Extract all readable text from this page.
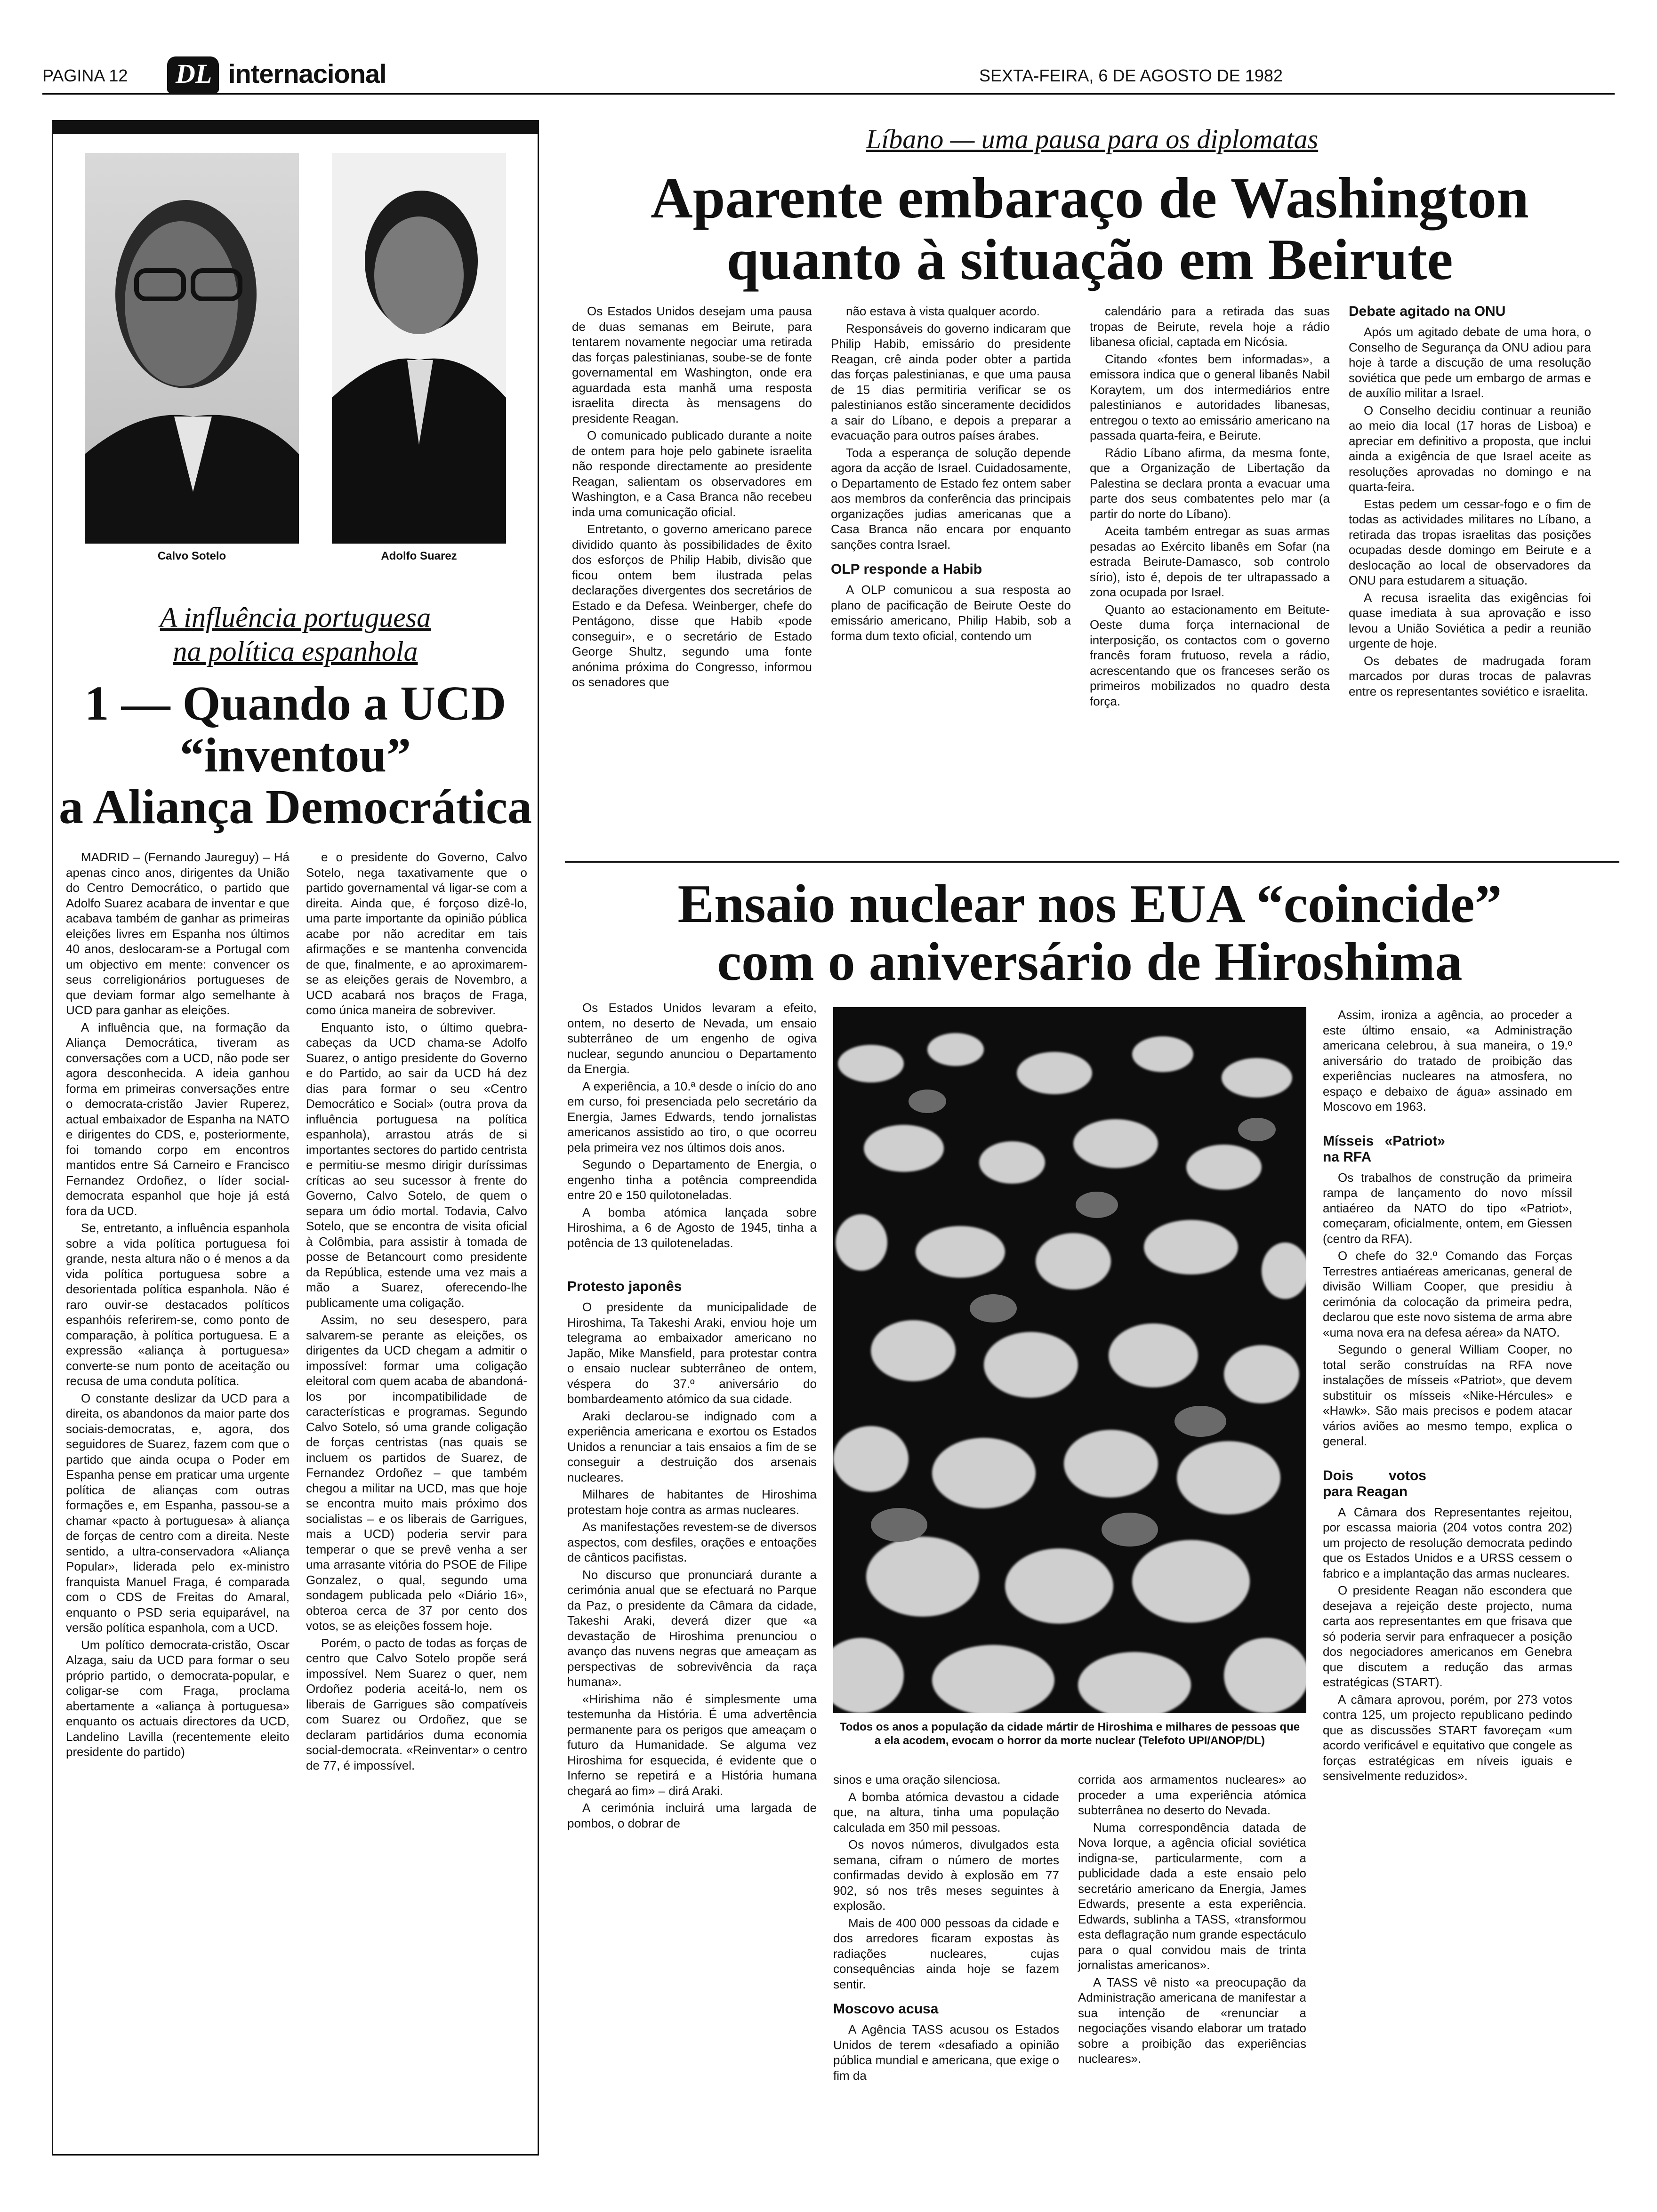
PAGINA 12 DL internacional	SEXTA-FEIRA, 6 DE AGOSTO DE 1982
Calvo Sotelo	Adolfo Suarez
A influência portuguesa
na política espanhola
1 — Quando a UCD
“inventou”
a Aliança Democrática

MADRID – (Fernando Jaureguy) – Há apenas cinco anos, dirigentes da União do Centro Democrático, o partido que Adolfo Suarez acabara de inventar e que acabava também de ganhar as primeiras eleições livres em Espanha nos últimos 40 anos, deslocaram-se a Portugal com um objectivo em mente: convencer os seus correligionários portugueses de que deviam formar algo semelhante à UCD para ganhar as eleições.

A influência que, na formação da Aliança Democrática, tiveram as conversações com a UCD, não pode ser agora desconhecida. A ideia ganhou forma em primeiras conversações entre o democrata-cristão Javier Ruperez, actual embaixador de Espanha na NATO e dirigentes do CDS, e, posteriormente, foi tomando corpo em encontros mantidos entre Sá Carneiro e Francisco Fernandez Ordoñez, o líder social-democrata espanhol que hoje já está fora da UCD.

Se, entretanto, a influência espanhola sobre a vida política portuguesa foi grande, nesta altura não o é menos a da vida política portuguesa sobre a desorientada política espanhola. Não é raro ouvir-se destacados políticos espanhóis referirem-se, como ponto de comparação, à política portuguesa. E a expressão «aliança à portuguesa» converte-se num ponto de aceitação ou recusa de uma conduta política.

O constante deslizar da UCD para a direita, os abandonos da maior parte dos sociais-democratas, e, agora, dos seguidores de Suarez, fazem com que o partido que ainda ocupa o Poder em Espanha pense em praticar uma urgente política de alianças com outras formações e, em Espanha, passou-se a chamar «pacto à portuguesa» à aliança de forças de centro com a direita. Neste sentido, a ultra-conservadora «Aliança Popular», liderada pelo ex-ministro franquista Manuel Fraga, é comparada com o CDS de Freitas do Amaral, enquanto o PSD seria equiparável, na versão política espanhola, com a UCD.

Um político democrata-cristão, Oscar Alzaga, saiu da UCD para formar o seu próprio partido, o democrata-popular, e coligar-se com Fraga, proclama abertamente a «aliança à portuguesa» enquanto os actuais directores da UCD, Landelino Lavilla (recentemente eleito presidente do partido)

e o presidente do Governo, Calvo Sotelo, nega taxativamente que o partido governamental vá ligar-se com a direita. Ainda que, é forçoso dizê-lo, uma parte importante da opinião pública acabe por não acreditar em tais afirmações e se mantenha convencida de que, finalmente, e ao aproximarem-se as eleições gerais de Novembro, a UCD acabará nos braços de Fraga, como única maneira de sobreviver.

Enquanto isto, o último quebra-cabeças da UCD chama-se Adolfo Suarez, o antigo presidente do Governo e do Partido, ao sair da UCD há dez dias para formar o seu «Centro Democrático e Social» (outra prova da influência portuguesa na política espanhola), arrastou atrás de si importantes sectores do partido centrista e permitiu-se mesmo dirigir duríssimas críticas ao seu sucessor à frente do Governo, Calvo Sotelo, de quem o separa um ódio mortal. Todavia, Calvo Sotelo, que se encontra de visita oficial à Colômbia, para assistir à tomada de posse de Betancourt como presidente da República, estende uma vez mais a mão a Suarez, oferecendo-lhe publicamente uma coligação.

Assim, no seu desespero, para salvarem-se perante as eleições, os dirigentes da UCD chegam a admitir o impossível: formar uma coligação eleitoral com quem acaba de abandoná-los por incompatibilidade de características e programas. Segundo Calvo Sotelo, só uma grande coligação de forças centristas (nas quais se incluem os partidos de Suarez, de Fernandez Ordoñez – que também chegou a militar na UCD, mas que hoje se encontra muito mais próximo dos socialistas – e os liberais de Garrigues, mais a UCD) poderia servir para temperar o que se prevê venha a ser uma arrasante vitória do PSOE de Filipe Gonzalez, o qual, segundo uma sondagem publicada pelo «Diário 16», obteroa cerca de 37 por cento dos votos, se as eleições fossem hoje.

Porém, o pacto de todas as forças de centro que Calvo Sotelo propõe será impossível. Nem Suarez o quer, nem Ordoñez poderia aceitá-lo, nem os liberais de Garrigues são compatíveis com Suarez ou Ordoñez, que se declaram partidários duma economia social-democrata. «Reinventar» o centro de 77, é impossível.

Líbano — uma pausa para os diplomatas
Aparente embaraço de Washington
quanto à situação em Beirute

Os Estados Unidos desejam uma pausa de duas semanas em Beirute, para tentarem novamente negociar uma retirada das forças palestinianas, soube-se de fonte governamental em Washington, onde era aguardada esta manhã uma resposta israelita directa às mensagens do presidente Reagan.

O comunicado publicado durante a noite de ontem para hoje pelo gabinete israelita não responde directamente ao presidente Reagan, salientam os observadores em Washington, e a Casa Branca não recebeu inda uma comunicação oficial.

Entretanto, o governo americano parece dividido quanto às possibilidades de êxito dos esforços de Philip Habib, divisão que ficou ontem bem ilustrada pelas declarações divergentes dos secretários de Estado e da Defesa. Weinberger, chefe do Pentágono, disse que Habib «pode conseguir», e o secretário de Estado George Shultz, segundo uma fonte anónima próxima do Congresso, informou os senadores que

não estava à vista qualquer acordo.

Responsáveis do governo indicaram que Philip Habib, emissário do presidente Reagan, crê ainda poder obter a partida das forças palestinianas, e que uma pausa de 15 dias permitiria verificar se os palestinianos estão sinceramente decididos a sair do Líbano, e depois a preparar a evacuação para outros países árabes.

Toda a esperança de solução depende agora da acção de Israel. Cuidadosamente, o Departamento de Estado fez ontem saber aos membros da conferência das principais organizações judias americanas que a Casa Branca não encara por enquanto sanções contra Israel.

OLP responde a Habib

A OLP comunicou a sua resposta ao plano de pacificação de Beirute Oeste do emissário americano, Philip Habib, sob a forma dum texto oficial, contendo um

calendário para a retirada das suas tropas de Beirute, revela hoje a rádio libanesa oficial, captada em Nicósia.

Citando «fontes bem informadas», a emissora indica que o general libanês Nabil Koraytem, um dos intermediários entre palestinianos e autoridades libanesas, entregou o texto ao emissário americano na passada quarta-feira, e Beirute.

Rádio Líbano afirma, da mesma fonte, que a Organização de Libertação da Palestina se declara pronta a evacuar uma parte dos seus combatentes pelo mar (a partir do norte do Líbano).

Aceita também entregar as suas armas pesadas ao Exército libanês em Sofar (na estrada Beirute-Damasco, sob controlo sírio), isto é, depois de ter ultrapassado a zona ocupada por Israel.

Quanto ao estacionamento em Beitute-Oeste duma força internacional de interposição, os contactos com o governo francês foram frutuoso, revela a rádio, acrescentando que os franceses serão os primeiros mobilizados no quadro desta força.

Debate agitado na ONU

Após um agitado debate de uma hora, o Conselho de Segurança da ONU adiou para hoje à tarde a discução de uma resolução soviética que pede um embargo de armas e de auxílio militar a Israel.

O Conselho decidiu continuar a reunião ao meio dia local (17 horas de Lisboa) e apreciar em definitivo a proposta, que inclui ainda a exigência de que Israel aceite as resoluções aprovadas no domingo e na quarta-feira.

Estas pedem um cessar-fogo e o fim de todas as actividades militares no Líbano, a retirada das tropas israelitas das posições ocupadas desde domingo em Beirute e a deslocação ao local de observadores da ONU para estudarem a situação.

A recusa israelita das exigências foi quase imediata à sua aprovação e isso levou a União Soviética a pedir a reunião urgente de hoje.

Os debates de madrugada foram marcados por duras trocas de palavras entre os representantes soviético e israelita.

Ensaio nuclear nos EUA “coincide”
com o aniversário de Hiroshima

Os Estados Unidos levaram a efeito, ontem, no deserto de Nevada, um ensaio subterrâneo de um engenho de ogiva nuclear, segundo anunciou o Departamento da Energia.

A experiência, a 10.ª desde o início do ano em curso, foi presenciada pelo secretário da Energia, James Edwards, tendo jornalistas americanos assistido ao tiro, o que ocorreu pela primeira vez nos últimos dois anos.

Segundo o Departamento de Energia, o engenho tinha a potência compreendida entre 20 e 150 quilotoneladas.

A bomba atómica lançada sobre Hiroshima, a 6 de Agosto de 1945, tinha a potência de 13 quiloteneladas.

Protesto japonês

O presidente da municipalidade de Hiroshima, Ta Takeshi Araki, enviou hoje um telegrama ao embaixador americano no Japão, Mike Mansfield, para protestar contra o ensaio nuclear subterrâneo de ontem, véspera do 37.º aniversário do bombardeamento atómico da sua cidade.

Araki declarou-se indignado com a experiência americana e exortou os Estados Unidos a renunciar a tais ensaios a fim de se conseguir a destruição dos arsenais nucleares.

Milhares de habitantes de Hiroshima protestam hoje contra as armas nucleares.

As manifestações revestem-se de diversos aspectos, com desfiles, orações e entoações de cânticos pacifistas.

No discurso que pronunciará durante a cerimónia anual que se efectuará no Parque da Paz, o presidente da Câmara da cidade, Takeshi Araki, deverá dizer que «a devastação de Hiroshima prenunciou o avanço das nuvens negras que ameaçam as perspectivas de sobrevivência da raça humana».

«Hirishima não é simplesmente uma testemunha da História. É uma advertência permanente para os perigos que ameaçam o futuro da Humanidade. Se alguma vez Hiroshima for esquecida, é evidente que o Inferno se repetirá e a História humana chegará ao fim» – dirá Araki.

A cerimónia incluirá uma largada de pombos, o dobrar de

Todos os anos a população da cidade mártir de Hiroshima e milhares de pessoas que a ela acodem, evocam o horror da morte nuclear (Telefoto UPI/ANOP/DL)

sinos e uma oração silenciosa.

A bomba atómica devastou a cidade que, na altura, tinha uma população calculada em 350 mil pessoas.

Os novos números, divulgados esta semana, cifram o número de mortes confirmadas devido à explosão em 77 902, só nos três meses seguintes à explosão.

Mais de 400 000 pessoas da cidade e dos arredores ficaram expostas às radiações nucleares, cujas consequências ainda hoje se fazem sentir.

Moscovo acusa

A Agência TASS acusou os Estados Unidos de terem «desafiado a opinião pública mundial e americana, que exige o fim da

corrida aos armamentos nucleares» ao proceder a uma experiência atómica subterrânea no deserto do Nevada.

Numa correspondência datada de Nova Iorque, a agência oficial soviética indigna-se, particularmente, com a publicidade dada a este ensaio pelo secretário americano da Energia, James Edwards, presente a esta experiência. Edwards, sublinha a TASS, «transformou esta deflagração num grande espectáculo para o qual convidou mais de trinta jornalistas americanos».

A TASS vê nisto «a preocupação da Administração americana de manifestar a sua intenção de «renunciar a negociações visando elaborar um tratado sobre a proibição das experiências nucleares».

Assim, ironiza a agência, ao proceder a este último ensaio, «a Administração americana celebrou, à sua maneira, o 19.º aniversário do tratado de proibição das experiências nucleares na atmosfera, no espaço e debaixo de água» assinado em Moscovo em 1963.

Mísseis «Patriot» na RFA

Os trabalhos de construção da primeira rampa de lançamento do novo míssil antiaéreo da NATO do tipo «Patriot», começaram, oficialmente, ontem, em Giessen (centro da RFA).

O chefe do 32.º Comando das Forças Terrestres antiaéreas americanas, general de divisão William Cooper, que presidiu à cerimónia da colocação da primeira pedra, declarou que este novo sistema de arma abre «uma nova era na defesa aérea» da NATO.

Segundo o general William Cooper, no total serão construídas na RFA nove instalações de mísseis «Patriot», que devem substituir os mísseis «Nike-Hércules» e «Hawk». São mais precisos e podem atacar vários aviões ao mesmo tempo, explica o general.

Dois votos para Reagan

A Câmara dos Representantes rejeitou, por escassa maioria (204 votos contra 202) um projecto de resolução democrata pedindo que os Estados Unidos e a URSS cessem o fabrico e a implantação das armas nucleares.

O presidente Reagan não escondera que desejava a rejeição deste projecto, numa carta aos representantes em que frisava que só poderia servir para enfraquecer a posição dos negociadores americanos em Genebra que discutem a redução das armas estratégicas (START).

A câmara aprovou, porém, por 273 votos contra 125, um projecto republicano pedindo que as discussões START favoreçam «um acordo verificável e equitativo que congele as forças estratégicas em níveis iguais e sensivelmente reduzidos».
